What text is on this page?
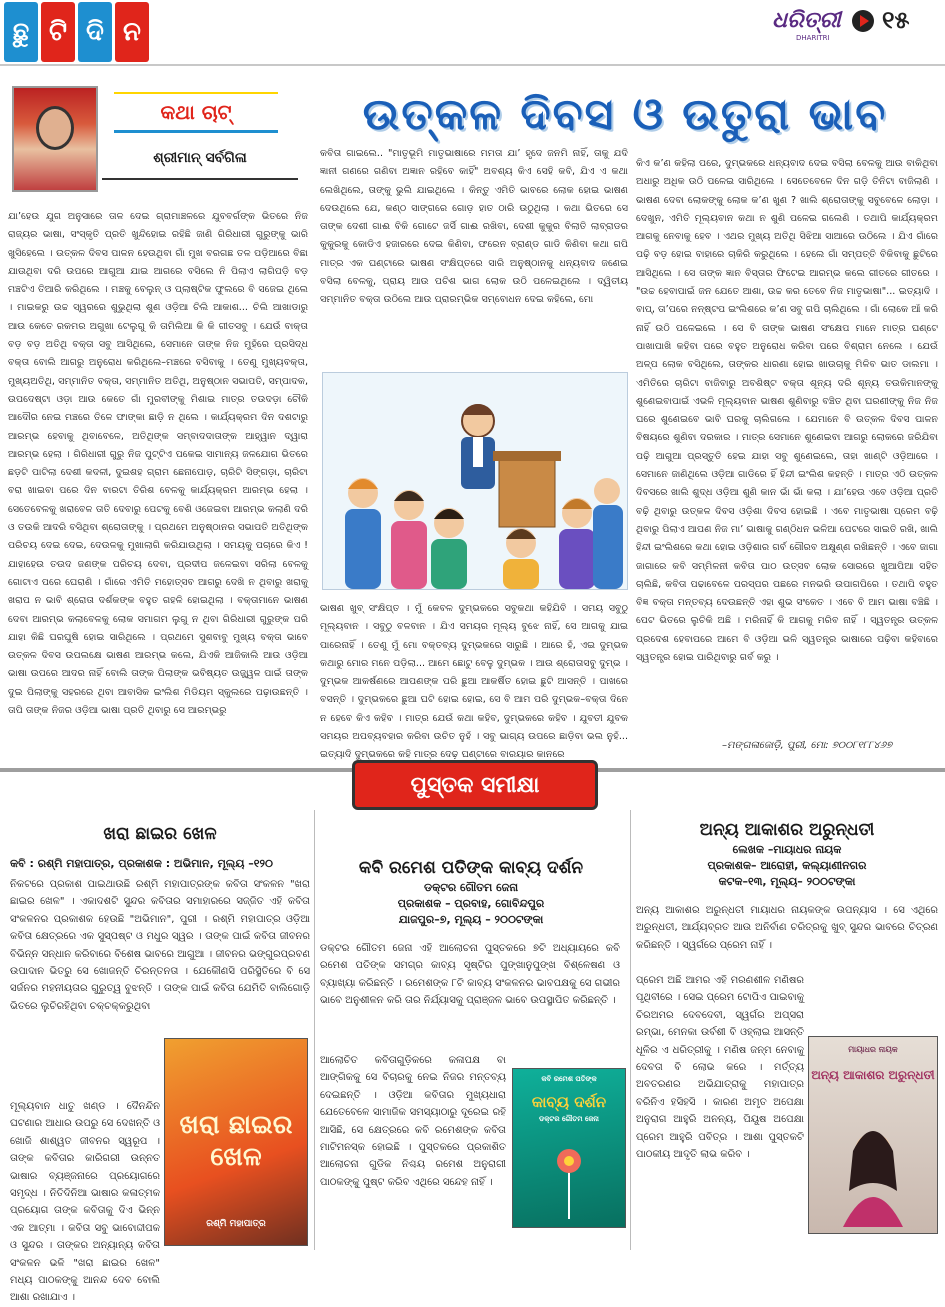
ଛୁ ଟି ଦି ନ	ଧରିତ୍ରୀ
DHARITRI
୧୫
କଥା ଚାଟ୍
ଶ୍ରୀମାନ୍ ସର୍ବଗିଳା
ଉତ୍କଳ ଦିବସ ଓ ଉତୁରା ଭାବ
ଯା’ହେଉ ଯୁଗ ଅନୁସାରେ ତାଳ ଦେଇ ଗ୍ରାମାଞ୍ଚଳରେ ଯୁବବର୍ଗଙ୍କ ଭିତରେ ନିଜ ରାଜ୍ୟର ଭାଷା, ସଂସ୍କୃତି ପ୍ରତି ଖୁନ୍ଦିହୋଇ ରହିଛି ଜାଣି ଗିରିଧାରୀ ଗୁରୁଙ୍କୁ ଭାରି ଖୁସିହେଲେ । ଉତ୍କଳ ଦିବସ ପାଳନ ହେଉଥିବା ଗାଁ ମୁଖ ବରଗଛ ତଳ ପଡ଼ିଆରେ ବିଛା ଯାଉଥିବା ଦରି ଉପରେ ଆଗୁଆ ଯାଇ ଆଗରେ ବସିଲେ ନି ପିଲାଏ ଲାଗିପଡ଼ି ବଡ଼ ମଞ୍ଚଟିଏ ତିଆରି କରିଥିଲେ । ମଞ୍ଚକୁ ବେଲୁନ୍ ଓ ପ୍ଲାଷ୍ଟିକ ଫୁଲରେ ବି ସଜେଇ ଥିଲେ । ମାଇକରୁ ଉଚ୍ଚ ସ୍ୱରରେ ଶୁଭୁଥିଲା ଶୁଣ ଓଡ଼ିଆ ଚିଲି ଆକାଶ... ଚିଲି ଆଖାଡାରୁ ଆଉ କେତେ ରକମର ଅଗୁଖା ଟେଲୁଗୁ କି ତାମିଲିଆ କି କି ଗୀତସବୁ । ଯେଉଁ ବାକ୍ତା ବଡ଼ ବଡ଼ ଅତିଥି ବକ୍ତା ସବୁ ଆସିଥିଲେ, ସେମାନେ ତାଙ୍କ ନିଜ ମୁହଁରେ ପ୍ରସିଦ୍ଧ ବକ୍ତା ବୋଲି ଆଗରୁ ଅନୁରୋଧ କରିଥିଲେ–ମଞ୍ଚରେ ବସିବାକୁ । ତେଣୁ ମୁଖ୍ୟବକ୍ତା, ମୁଖ୍ୟଅତିଥି, ସମ୍ମାନିତ ବକ୍ତା, ସମ୍ମାନିତ ଅତିଥି, ଅନୁଷ୍ଠାନ ସଭାପତି, ସମ୍ପାଦକ, ଉପଦେଷ୍ଟା ଓଡ଼ା ଆଉ କେତେ ଗାଁ ମୁରବୀଙ୍କୁ ମିଶାଇ ମାତ୍ର ତଉଦଡ଼ା ଚୌକି ଆଦୌର ନେଇ ମଞ୍ଚରେ ତିଳେ ଫାଙ୍କା ଛାଡ଼ି ନ ଥିଲେ । କାର୍ଯ୍ୟକ୍ରମ ଦିନ ଦଶଟାରୁ ଆରମ୍ଭ ହେବାକୁ ଥିବାବେଳେ, ଅତିଥିଙ୍କ ସମ୍ବାଦଦାତାଙ୍କ ଆହ୍ୱାନ ଦ୍ୱାରା ଆରମ୍ଭ ହେଲା । ଗିରିଧାରୀ ଗୁରୁ ନିଜ ପୁଟ୍ଟିଏ ପକେଇ ସାମାନ୍ୟ ଜଳଯୋଗ ଭିତରେ ଛଡ଼ଟି ପାଟିଲା ଦେଶୀ କଦଳୀ, ଦୁଇଶହ ଗ୍ରାମ ଛେନାପୋଡ଼, ଚାରିଟି ସିଙ୍ଗଡ଼ା, ଚାରିଟା ବରା ଖାଇବା ପରେ ଦିନ ବାରଟା ତିରିଶ ବେଳକୁ କାର୍ଯ୍ୟକ୍ରମ ଆରମ୍ଭ ହେଲା । ସେତେବେଳକୁ ଖରାବେଳ ତାତି ଦେବାରୁ ପେଟକୁ ବେଶି ଓଜେଇବା ଆରମ୍ଭ କଲାଣି ଦରି ଓ ତଉକି ଆଦରି ବସିଥିବା ଶ୍ରୋତାଙ୍କୁ । ପ୍ରଥମେ ଅନୁଷ୍ଠାନର ସଭାପତି ଅତିଥିଙ୍କ ପରିଚୟ ଦେଇ ଦେଇ, ଦେଉଳକୁ ମୁଖାଲାଗି କରିଯାଉଥିଲା । ସମୟକୁ ପଚାରେ କିଏ ! ଯାହାହେଉ ତଉଦ ଜଣଙ୍କ ପରିଚୟ ଦେବା, ପ୍ରଦୀପ ଜଳେଇବା ସରିଲା ବେଳକୁ ଗୋଟାଏ ପରେ ଘେରାଣି । ଗାଁରେ ଏମିତି ମହୋତ୍ସବ ଆଗରୁ ଦେଖି ନ ଥିବାରୁ ଖରାକୁ ଖରାପ ନ ଭାବି ଶ୍ରୋତା ଦର୍ଶକଙ୍କ ବହୁତ ଗହଳି ହୋଇଥିଲା । ବକ୍ତାମାନେ ଭାଷଣ ଦେବା ଆରମ୍ଭ କଲାବେଳକୁ ଲୋକ ସମାଗମ ଲୁଗୁ ନ ଥିବା ଗିରିଧାରୀ ଗୁରୁଙ୍କ ପରି ଯାହା କିଛି ଘରଘୁଷି ହୋଇ ସାରିଥିଲେ । ପ୍ରଥମେ ସୁଶବାବୁ ମୁଖ୍ୟ ବକ୍ତା ଭାବେ ଉତ୍କଳ ଦିବସ ଉପଲକ୍ଷେ ଭାଷଣ ଆରମ୍ଭ କଲେ, ଯିଏକି ଆଜିକାଲି ଆଉ ଓଡ଼ିଆ ଭାଷା ଉପରେ ଆଦର ନାହିଁ ବୋଲି ତାଙ୍କ ପିଲାଙ୍କ ଭବିଷ୍ୟତ ଉଜ୍ଜ୍ୱଳ ପାଇଁ ତାଙ୍କ ଦୁଇ ପିଲାଙ୍କୁ ସହରରେ ଥିବା ଆବାସିକ ଇଂଲିଶ ମିଡିୟମ ସ୍କୁଲରେ ପଢ଼ାଉଛନ୍ତି । ତାପି ତାଙ୍କ ନିଜର ଓଡ଼ିଆ ଭାଷା ପ୍ରତି ଥିବାରୁ ସେ ଆରମ୍ଭରୁ
କବିତା ଗାଇଲେ.. "ମାତୃଭୂମି ମାତୃଭାଷାରେ ମମତା ଯା’ ହୃଦେ ଜନମି ନାହିଁ, ତାକୁ ଯଦି ଜ୍ଞାନୀ ଗଣରେ ଗଣିବା ଅଜ୍ଞାନ ରହିବେ କାହିଁ" ଅବଶ୍ୟ କିଏ ସେହି କବି, ଯିଏ ଏ କଥା ଲେଖିଥିଲେ, ତାଙ୍କୁ ଭୁଲି ଯାଇଥିଲେ । କିନ୍ତୁ ଏମିତି ଭାବରେ ଲୋକ ହୋଇ ଭାଷଣ ଦେଉଥିଲେ ଯେ, କଣ୍ଠ ସାଙ୍ଗରେ ଗୋଡ଼ ହାତ ଠାରି ଉଠୁଥିଲା । କଥା ଭିତରେ ସେ ତାଙ୍କ ଦେଶୀ ଗାଈ ବିକି ଗୋଟେ ଜର୍ସି ଗାଈ ରଖିବା, ଦେଶୀ କୁକୁର ବିଲାତି ଲାବ୍ରାଡର କୁକୁରକୁ କୋଡିଏ ହଜାରରେ ଦେଇ କିଣିବା, ଫରେନ ବ୍ରାଣ୍ଡ ଗାଡି କିଣିବା କଥା ଗପି ମାତ୍ର ଏକ ଘଣ୍ଟାରେ ଭାଷଣ ସଂକ୍ଷିପ୍ତରେ ସାରି ଅନୁଷ୍ଠାନକୁ ଧନ୍ୟବାଦ ଜଣେଇ ବସିଲା ବେଳକୁ, ପ୍ରାୟ ଆଉ ପଚିଶ ଭାଗ ଲୋକ ଉଠି ପଳେଇଥିଲେ । ଦ୍ୱିତୀୟ ସମ୍ମାନିତ ବକ୍ତା ଉଠିଲେ ଆଉ ପ୍ରାରମ୍ଭିକ ସମ୍ବୋଧନ ଦେଇ କହିଲେ, ମୋ
ଭାଷଣ ଖୁବ୍ ସଂକ୍ଷିପ୍ତ । ମୁଁ କେବଳ ଦୁମ୍ଭକରେ ସବୁକଥା କହିଯିବି । ସମୟ ସବୁଠୁ ମୂଲ୍ୟବାନ । ସବୁଠୁ ବଳବାନ । ଯିଏ ସମୟର ମୂଲ୍ୟ ବୁଝେ ନାହିଁ, ସେ ଆଗକୁ ଯାଇ ପାରେନାହିଁ । ତେଣୁ ମୁଁ ମୋ ବକ୍ତବ୍ୟ ଦୁମ୍ଭକରେ ସାରୁଛି । ଆରେ ହଁ, ଏଇ ଦୁମ୍ଭକ କଥାରୁ ମୋର ମନେ ପଡ଼ିଲା... ଆମେ ଛୋଟୁ ବେଳୁ ଦୁମ୍ଭକ । ଆଉ ଶ୍ରୋତାସବୁ ଦୁମ୍ଭ । ଦୁମ୍ଭକ ଆକର୍ଷଣରେ ଆପଣଙ୍କ ପରି ଛୁଆ ଆକର୍ଷିତ ହୋଇ ଛୁଟି ଆସନ୍ତି । ପାଖରେ ବସନ୍ତି । ଦୁମ୍ଭକରେ ଛୁଆ ଘଟି ହୋଇ ହୋଇ, ସେ ବି ଆମ ପରି ଦୁମ୍ଭକ–ବକ୍ତା ଦିନେ ନ ହେବେ କିଏ କହିବ । ମାତ୍ର ଯେଉଁ କଥା କହିବ, ଦୁମ୍ଭକରେ କହିବ । ଯୁବତୀ ଯୁବକ ସମୟର ଅପବ୍ୟବହାର କରିବା ଉଚିତ ନୁହଁ । ସବୁ ଭାଗ୍ୟ ଉପରେ ଛାଡ଼ିବା ଭଲ ନୁହଁ... ଇତ୍ୟାଦି ଦୁମ୍ଭକରେ କହି ମାତ୍ର ଦେଢ଼ ଘଣ୍ଟାରେ ବାରୟାର କାନରେ
କିଏ କ’ଣ କହିଲା ପରେ, ଦୁମ୍ଭକରେ ଧନ୍ୟବାଦ ଦେଇ ବସିଲା ବେଳକୁ ଆଉ ବାକିଥିବା ଅଧାରୁ ଅଧିକ ଉଠି ପଳେଇ ସାରିଥିଲେ । ସେତେବେଳେ ଦିନ ଗଡ଼ି ତିନିଟା ବାଜିଲାଣି । ଭାଷଣ ଦେବା ଲୋକଙ୍କୁ ଲୋକ କ’ଣ ଖୁଣ ? ଖାଲି ଶ୍ରୋତାଙ୍କୁ ସବୁବେଳେ ଲୋଡ଼ା । ଦେଖୁନ, ଏମିତି ମୂଲ୍ୟବାନ କଥା ନ ଶୁଣି ପଳେଇ ଗଲେଣି । ତଥାପି କାର୍ଯ୍ୟକ୍ରମ ଆଗକୁ ନେବାକୁ ହେବ । ଏଥର ମୁଖ୍ୟ ଅତିଥି ସିଝିଆ ସାଆରେ ଉଠିଲେ । ଯିଏ ଗାଁରେ ପଢ଼ି ବଡ଼ ହୋଇ ବାହାରେ ଚାକିରି କରୁଥିଲେ । ହେଲେ ଗାଁ ସମ୍ପତ୍ତି ବିକିବାକୁ ଛୁଟିରେ ଆସିଥିଲେ । ସେ ତାଙ୍କ ଜ୍ଞାନ ବିସ୍ତାର ଫିଟେଇ ଆରମ୍ଭ କଲେ ଗୀତରେ ଗୀତରେ । "ଉଚ୍ଚ ହେବାପାଇଁ ଜନ ଯେତେ ଆଶା, ଉଚ୍ଚ କର ତେବେ ନିଜ ମାତୃଭାଷା"... ଇତ୍ୟାଦି । ବାପ୍, ତା’ପରେ ନନ୍‌ଷ୍ଟପ ଇଂଲିଶରେ କ’ଣ ସବୁ ଗପି ଚାଲିଥିଲେ । ଗାଁ ଲୋକେ ଆଁ କରି ନାହିଁ ଉଠି ପଳେଇଲେ । ସେ ବି ତାଙ୍କ ଭାଷଣ ସଂକ୍ଷେପ ମାନେ ମାତ୍ର ଘଣ୍ଟେ ପାଖାପାଖି କହିବା ପରେ ବହୁତ ଅନୁରୋଧ କରିବା ପରେ ବିଶ୍ରାମ ନେଲେ । ଯେଉଁ ଅଳ୍ପ ଲୋକ ବସିଥିଲେ, ତାଙ୍କର ଧାରଣା ହୋଇ ଖାଉଚାକୁ ମିଳିବ ଭାତ ଡାଲମା । ଏମିତିରେ ଚାରିଟା ବାଜିବାରୁ ଅବଶିଷ୍ଟ ବକ୍ତା ଶୂନ୍ୟ ଦରି ଶୂନ୍ୟ ତଉକିମାନଙ୍କୁ ଶୁଣେଇବାପାଇଁ ଏଭଳି ମୂଲ୍ୟବାନ ଭାଷଣ ଶୁଣିବାରୁ ବଞ୍ଚିତ ଥିବା ଘରଣୀଙ୍କୁ ନିଜ ନିଜ ଘରେ ଶୁଣେଇବେ ଭାବି ଘରକୁ ଚାଲିଗଲେ । ଯେମାନେ ବି ଉତ୍କଳ ଦିବସ ପାଳନ ବିଷୟରେ ଶୁଣିବା ଦରକାର । ମାତ୍ର ସେମାନେ ଶୁଣେଇବା ଆଗରୁ ଲୋକରେ ଜରିଯିବା ପଢ଼ି ଆଗୁଆ ପ୍ରସ୍ତୁତି ହେଇ ଯାହା ସବୁ ଶୁଣେଇଲେ, ତାହା ଖାଣ୍ଟି ଓଡ଼ିଆରେ । ସେମାନେ ଜାଣିଥିଲେ ଓଡ଼ିଆ ଗାଡିରେ ହିଁ ହିନ୍ଦୀ ଇଂଲିଶ କହନ୍ତି । ମାତ୍ର ଏଠି ଉତ୍କଳ ଦିବସରେ ଖାଲି ଶୁଦ୍ଧ ଓଡ଼ିଆ ଶୁଣି କାନ ଭାଁ ଭାଁ କଲା । ଯା’ହେଉ ଏବେ ଓଡ଼ିଆ ପ୍ରତି ବଢ଼ି ଥିବାରୁ ଉତ୍କଳ ଦିବସ ଓଡ଼ିଶା ଦିବସ ହୋଇଛି । ଏବେ ମାତୃଭାଷା ପ୍ରେମ ବଢ଼ି ଥିବାରୁ ପିଲାଏ ଆପଣ ନିଜ ମା’ ଭାଷାକୁ ଗଣ୍ଠିଧନ ଭଳିଆ ପେଟରେ ସାଇତି ରଖି, ଖାଲି ହିନ୍ଦୀ ଇଂଲିଶରେ କଥା ହୋଇ ଓଡ଼ିଶାର ଗର୍ବ ଗୌରବ ଅକ୍ଷୁଣ୍ଣ ରଖିଛନ୍ତି । ଏବେ ଜାଗା ଜାଗାରେ କବି ସମ୍ମିଳନୀ କବିତା ପାଠ ଉତ୍ସବ ଲୋକ ସୋରରେ ଖୁଆପିଆ ସହିତ ଚାଲିଛି, କବିତା ପଢାବେଳେ ପରସ୍ପର ପଛରେ ମନଭରି ଉପାଗପିରେ । ତଥାପି ବହୁତ ବିଜ୍ଞ ବକ୍ତା ମନ୍ତବ୍ୟ ଦେଉଛନ୍ତି ଏହା ଶୁଭ ସଂକେତ । ଏବେ ବି ଆମ ଭାଷା ବଞ୍ଚିଛି । ପେଟ ଭିତରେ ଲୁଚିକି ଅଛି । ମରିନାହିଁ କି ଆଗକୁ ମରିବ ନାହିଁ । ସ୍ୱତନ୍ତ୍ର ଉତ୍କଳ ପ୍ରଦେଶ ହେବାପରେ ଆମେ ବି ଓଡ଼ିଆ ଭଳି ସ୍ୱତନ୍ତ୍ର ଭାଷାରେ ପଢ଼ିବା କହିବାରେ ସ୍ୱତନ୍ତ୍ର ହୋଇ ପାରିଥିବାରୁ ଗର୍ବ କରୁ ।
–ମଙ୍ଗଳାଜୋଡ଼ି, ପୁରୀ, ମୋ: ୭୦୦୮୧୮୮୪୬୭
ପୁସ୍ତକ ସମୀକ୍ଷା
ଖରା ଛାଇର ଖେଳ
କବି : ରଶ୍ମି ମହାପାତ୍ର, ପ୍ରକାଶକ : ଅଭିମାନ, ମୂଲ୍ୟ –୧୨୦
ନିକଟରେ ପ୍ରକାଶ ପାଇଥାଉଛି ରଶ୍ମି ମହାପାତ୍ରଙ୍କ କବିତା ସଂକଳନ "ଖରା ଛାଇର ଖେଳ" । ଏକାଦଶଟି ସୁନ୍ଦର କବିତାର ସମାହାରରେ ସଜ୍ଜିତ ଏହି କବିତା ସଂକଳନର ପ୍ରକାଶକ ହେଉଛି "ଅଭିମାନ", ପୁରୀ । ରଶ୍ମି ମହାପାତ୍ର ଓଡ଼ିଆ କବିତା କ୍ଷେତ୍ରରେ ଏକ ସୁସ୍ପଷ୍ଟ ଓ ମଧୁର ସ୍ୱର । ତାଙ୍କ ପାଇଁ କବିତା ଜୀବନର ବିଭିନ୍ନ ସନ୍ଧାନ କରିବାରେ ବିଶେଷ ଭାବରେ ଆଗୁଆ । ଜୀବନର ଭଙ୍ଗୁରପ୍ରବଣ ଉପାଦାନ ଭିତରୁ ସେ ଖୋଜନ୍ତି ଚିରନ୍ତନତା । ଯେକୌଣସି ପରିସ୍ଥିତିରେ ବି ସେ ସର୍ଜନର ମହନୀୟତାର ଗୁରୁତ୍ୱ ବୁଝନ୍ତି । ତାଙ୍କ ପାଇଁ କବିତା ଯେମିତି ବାଲିଗୋଡ଼ି ଭିତରେ ଲୁଚିରହିଥିବା ଚକ୍‌ଚକ୍‌କରୁଥିବା
ମୂଲ୍ୟବାନ ଧାତୁ ଖଣ୍ଡ । ଦୈନନ୍ଦିନ ଘଟଣାର ଆଧାର ଉପରୁ ସେ ଦେଖନ୍ତି ଓ ଖୋଜି ଶାଶ୍ୱତ ଜୀବନର ସ୍ୱରୂପ । ତାଙ୍କ କବିତାର କାରିଗରୀ ଉନ୍ନତ ଭାଷାର ବ୍ୟଞ୍ଜନାରେ ପ୍ରୟୋଗରେ ସମୃଦ୍ଧ । ନିତିଦିନିଆ ଭାଷାର କଳାତ୍ମକ ପ୍ରୟୋଗ ତାଙ୍କ କବିତାକୁ ଦିଏ ଭିନ୍ନ ଏକ ଆତ୍ମା । କବିତା ସବୁ ଭାବୋଦ୍ଦୀପକ ଓ ସୁନ୍ଦର । ତାଙ୍କର ଅନ୍ୟାନ୍ୟ କବିତା ସଂକଳନ ଭଳି "ଖରା ଛାଇର ଖେଳ" ମଧ୍ୟ ପାଠକଙ୍କୁ ଆନନ୍ଦ ଦେବ ବୋଲି ଆଶା ରଖାଯାଏ ।
ଖରା ଛାଇର ଖେଳ
ରଶ୍ମି ମହାପାତ୍ର
କବି ରମେଶ ପତିଙ୍କ କାବ୍ୟ ଦର୍ଶନ
ଡକ୍ଟର ଗୌତମ ଜେନା
ପ୍ରକାଶକ – ପ୍ରବାହ, ଗୋବିନ୍ଦପୁର
ଯାଜପୁର–୭, ମୂଲ୍ୟ – ୨୦୦ଟଙ୍କା
ଡକ୍ଟର ଗୌତମ ଜେନା ଏହି ଆଲୋଚନା ପୁସ୍ତକରେ ୭ଟି ଅଧ୍ୟାୟରେ କବି ରମେଶ ପତିଙ୍କ ସମଗ୍ର କାବ୍ୟ ସୃଷ୍ଟିର ପୁଙ୍ଖାନୁପୁଙ୍ଖ ବିଶ୍ଳେଷଣ ଓ ବ୍ୟାଖ୍ୟା କରିଛନ୍ତି । ରମେଶଙ୍କ ୮ଟି କାବ୍ୟ ସଂକଳନର ଭାବପକ୍ଷକୁ ସେ ଗଭୀର ଭାବେ ଅନୁଶୀଳନ କରି ତାର ନିର୍ଯ୍ୟାସକୁ ପ୍ରାଞ୍ଜଳ ଭାବେ ଉପସ୍ଥାପିତ କରିଛନ୍ତି ।
ଆଲୋଚିତ କବିତାଗୁଡ଼ିକରେ କଳାପକ୍ଷ ବା ଆଙ୍ଗିକକୁ ସେ ବିଚାରକୁ ନେଇ ନିଜର ମନ୍ତବ୍ୟ ଦେଇଛନ୍ତି । ଓଡ଼ିଆ କବିତାର ମୁଖ୍ୟଧାରା ଯେତେବେଳେ ସାମାଜିକ ସମସ୍ୟାଠାରୁ ଦୂରେଇ ରହି ଆସିଛି, ସେ କ୍ଷେତ୍ରରେ କବି ରମେଶଙ୍କ କବିତା ମାଟିମନସ୍କ ହୋଇଛି । ପୁସ୍ତକରେ ପ୍ରକାଶିତ ଆଲୋଚନା ଗୁଡିକ ନିଶ୍ଚୟ ରମେଶ ଅନୁରାଗୀ ପାଠକଙ୍କୁ ପୁଷ୍ଟ କରିବ ଏଥିରେ ସନ୍ଦେହ ନାହିଁ ।
କବି ରମେଶ ପତିଙ୍କ
କାବ୍ୟ ଦର୍ଶନ
ଡକ୍ଟର ଗୌତମ ଜେନା
ଅନ୍ୟ ଆକାଶର ଅରୁନ୍ଧତୀ
ଲେଖକ –ମାୟାଧର ନାୟକ
ପ୍ରକାଶକ– ଆରୋହୀ, କଲ୍ୟାଣୀନଗର
କଟକ–୧୩, ମୂଲ୍ୟ– ୨୦୦ଟଙ୍କା
ଅନ୍ୟ ଆକାଶର ଅରୁନ୍ଧତୀ ମାୟାଧର ନାୟକଙ୍କ ଉପନ୍ୟାସ । ସେ ଏଥିରେ ଅରୁନ୍ଧତୀ, ଆର୍ଯ୍ୟବ୍ରତ ଆଉ ଅନିର୍ବାଣ ଚରିତ୍ରକୁ ଖୁବ୍ ସୁନ୍ଦର ଭାବରେ ଚିତ୍ରଣ କରିଛନ୍ତି । ସ୍ୱର୍ଗରେ ପ୍ରେମ ନାହିଁ ।
ପ୍ରେମ ଅଛି ଆମର ଏହି ମରଣଶୀଳ ମଣିଷର ପୃଥିବୀରେ । ସେଇ ପ୍ରେମ ଟୋପିଏ ପାଇବାକୁ ଚିରଅମର ଦେବଦେବୀ, ସ୍ୱର୍ଗର ଅପ୍ସରା ରମ୍ଭା, ମେନକା ଉର୍ବଶୀ ବି ଓହ୍ଲାଇ ଆସନ୍ତି ଧୂଳିର ଏ ଧରିତ୍ରୀକୁ । ମଣିଷ ଜନ୍ମ ନେବାକୁ ଦେବତା ବି ଲୋଭ କରେ । ମର୍ତ୍ତ୍ୟ ଅବତରଣର ଅଭିଯାତ୍ରାକୁ ମହାପାତ୍ର ବରିନିଏ ହସିହସି । କାରଣ ଅମୃତ ଅପେକ୍ଷା ଅନୁରାଗ ଆହୁରି ଅନନ୍ୟ, ପିୟୂଷ ଅପେକ୍ଷା ପ୍ରେମ ଆହୁରି ପବିତ୍ର । ଆଶା ପୁସ୍ତକଟି ପାଠକୀୟ ଆଦୃତି ଲାଭ କରିବ ।
ମାୟାଧର ନାୟକ
ଅନ୍ୟ ଆକାଶର ଅରୁନ୍ଧତୀ
